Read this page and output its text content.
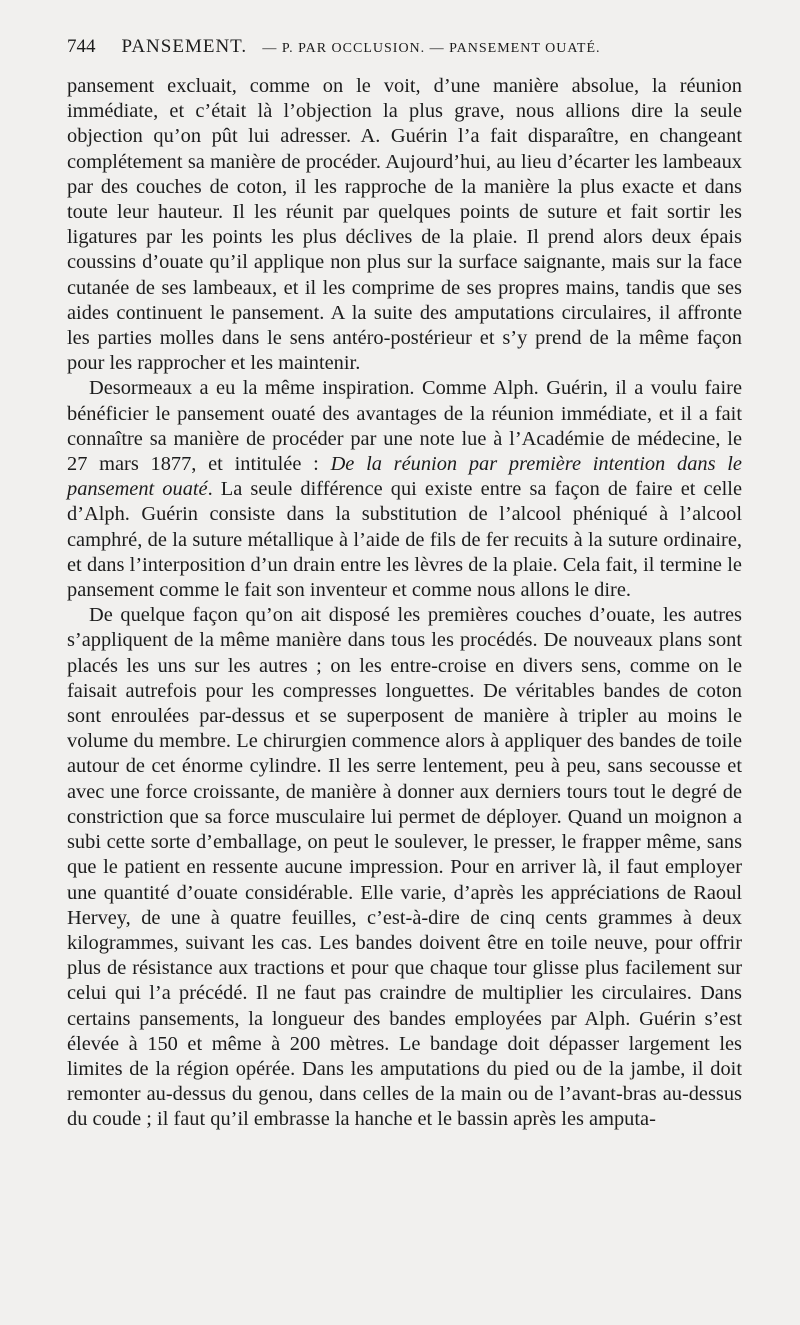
744 PANSEMENT. — P. PAR OCCLUSION. — PANSEMENT OUATÉ.

pansement excluait, comme on le voit, d’une manière absolue, la réunion immédiate, et c’était là l’objection la plus grave, nous allions dire la seule objection qu’on pût lui adresser. A. Guérin l’a fait disparaître, en changeant complétement sa manière de procéder. Aujourd’hui, au lieu d’écarter les lambeaux par des couches de coton, il les rapproche de la manière la plus exacte et dans toute leur hauteur. Il les réunit par quelques points de suture et fait sortir les ligatures par les points les plus déclives de la plaie. Il prend alors deux épais coussins d’ouate qu’il applique non plus sur la surface saignante, mais sur la face cutanée de ses lambeaux, et il les comprime de ses propres mains, tandis que ses aides continuent le pansement. A la suite des amputations circulaires, il affronte les parties molles dans le sens antéro-postérieur et s’y prend de la même façon pour les rapprocher et les maintenir.

Desormeaux a eu la même inspiration. Comme Alph. Guérin, il a voulu faire bénéficier le pansement ouaté des avantages de la réunion immédiate, et il a fait connaître sa manière de procéder par une note lue à l’Académie de médecine, le 27 mars 1877, et intitulée : De la réunion par première intention dans le pansement ouaté. La seule différence qui existe entre sa façon de faire et celle d’Alph. Guérin consiste dans la substitution de l’alcool phéniqué à l’alcool camphré, de la suture métallique à l’aide de fils de fer recuits à la suture ordinaire, et dans l’interposition d’un drain entre les lèvres de la plaie. Cela fait, il termine le pansement comme le fait son inventeur et comme nous allons le dire.

De quelque façon qu’on ait disposé les premières couches d’ouate, les autres s’appliquent de la même manière dans tous les procédés. De nouveaux plans sont placés les uns sur les autres ; on les entre-croise en divers sens, comme on le faisait autrefois pour les compresses longuettes. De véritables bandes de coton sont enroulées par-dessus et se superposent de manière à tripler au moins le volume du membre. Le chirurgien commence alors à appliquer des bandes de toile autour de cet énorme cylindre. Il les serre lentement, peu à peu, sans secousse et avec une force croissante, de manière à donner aux derniers tours tout le degré de constriction que sa force musculaire lui permet de déployer. Quand un moignon a subi cette sorte d’emballage, on peut le soulever, le presser, le frapper même, sans que le patient en ressente aucune impression. Pour en arriver là, il faut employer une quantité d’ouate considérable. Elle varie, d’après les appréciations de Raoul Hervey, de une à quatre feuilles, c’est-à-dire de cinq cents grammes à deux kilogrammes, suivant les cas. Les bandes doivent être en toile neuve, pour offrir plus de résistance aux tractions et pour que chaque tour glisse plus facilement sur celui qui l’a précédé. Il ne faut pas craindre de multiplier les circulaires. Dans certains pansements, la longueur des bandes employées par Alph. Guérin s’est élevée à 150 et même à 200 mètres. Le bandage doit dépasser largement les limites de la région opérée. Dans les amputations du pied ou de la jambe, il doit remonter au-dessus du genou, dans celles de la main ou de l’avant-bras au-dessus du coude ; il faut qu’il embrasse la hanche et le bassin après les amputa-
